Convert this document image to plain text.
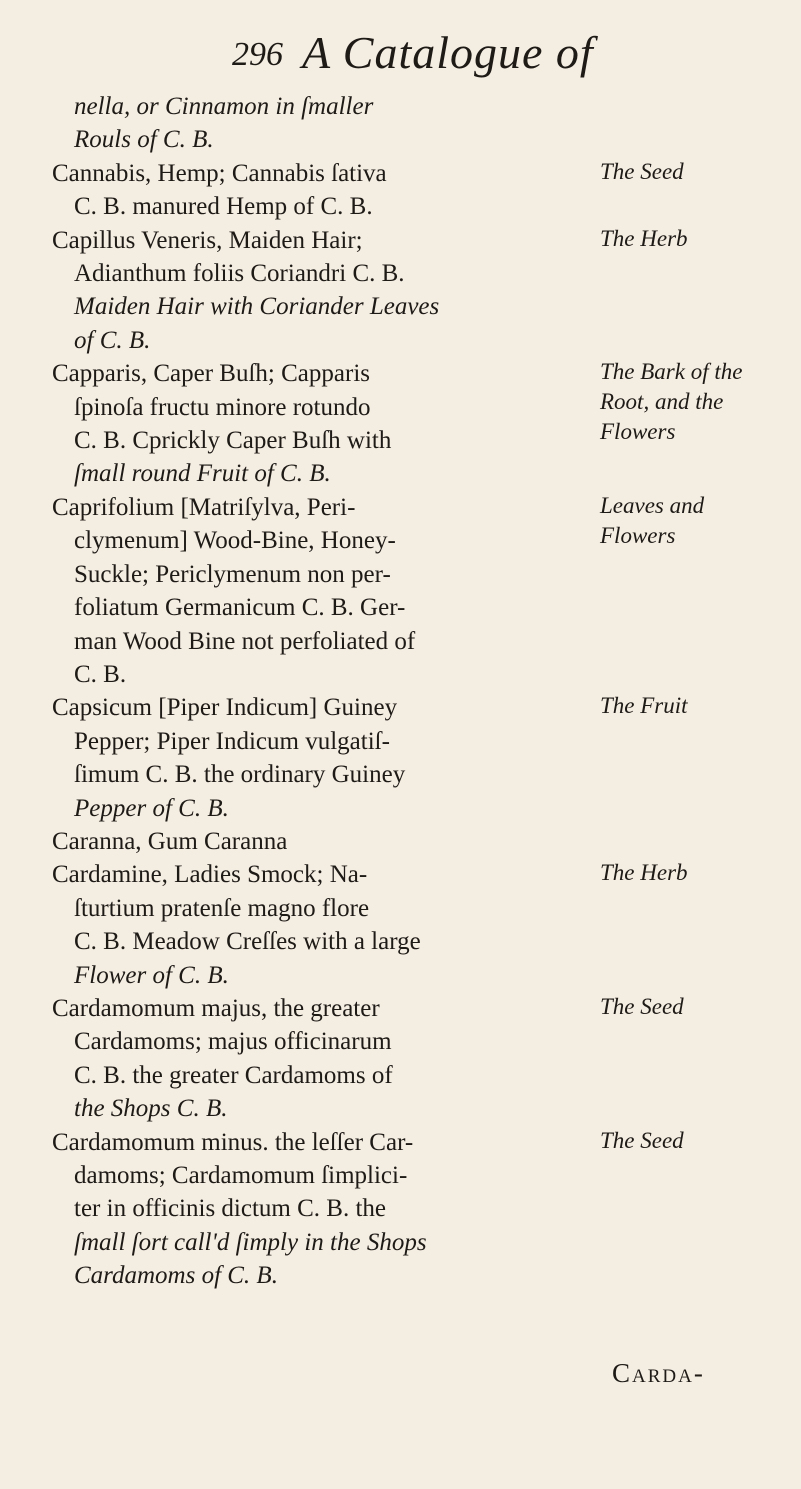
296 A Catalogue of
nella, or Cinnamon in ſmaller
Rouls of C. B.
Cannabis, Hemp; Cannabis ſativa
C. B. manured Hemp of C. B.
The Seed
Capillus Veneris, Maiden Hair;
Adianthum foliis Coriandri C. B.
Maiden Hair with Coriander Leaves
of C. B.
The Herb
Capparis, Caper Buſh; Capparis
ſpinoſa fructu minore rotundo
C. B. Cprickly Caper Buſh with
ſmall round Fruit of C. B.
The Bark of the Root, and the Flowers
Caprifolium [Matriſylva, Peri-
clymenum] Wood-Bine, Honey-
Suckle; Periclymenum non per-
foliatum Germanicum C. B. Ger-
man Wood Bine not perfoliated of
C. B.
Leaves and Flowers
Capsicum [Piper Indicum] Guiney
Pepper; Piper Indicum vulgatiſ-
ſimum C. B. the ordinary Guiney
Pepper of C. B.
The Fruit
Caranna, Gum Caranna
Cardamine, Ladies Smock; Na-
ſturtium pratenſe magno flore
C. B. Meadow Creſſes with a large
Flower of C. B.
The Herb
Cardamomum majus, the greater
Cardamoms; majus officinarum
C. B. the greater Cardamoms of
the Shops C. B.
The Seed
Cardamomum minus. the leſſer Car-
damoms; Cardamomum ſimplici-
ter in officinis dictum C. B. the
ſmall ſort call'd ſimply in the Shops
Cardamoms of C. B.
The Seed
Carda-
